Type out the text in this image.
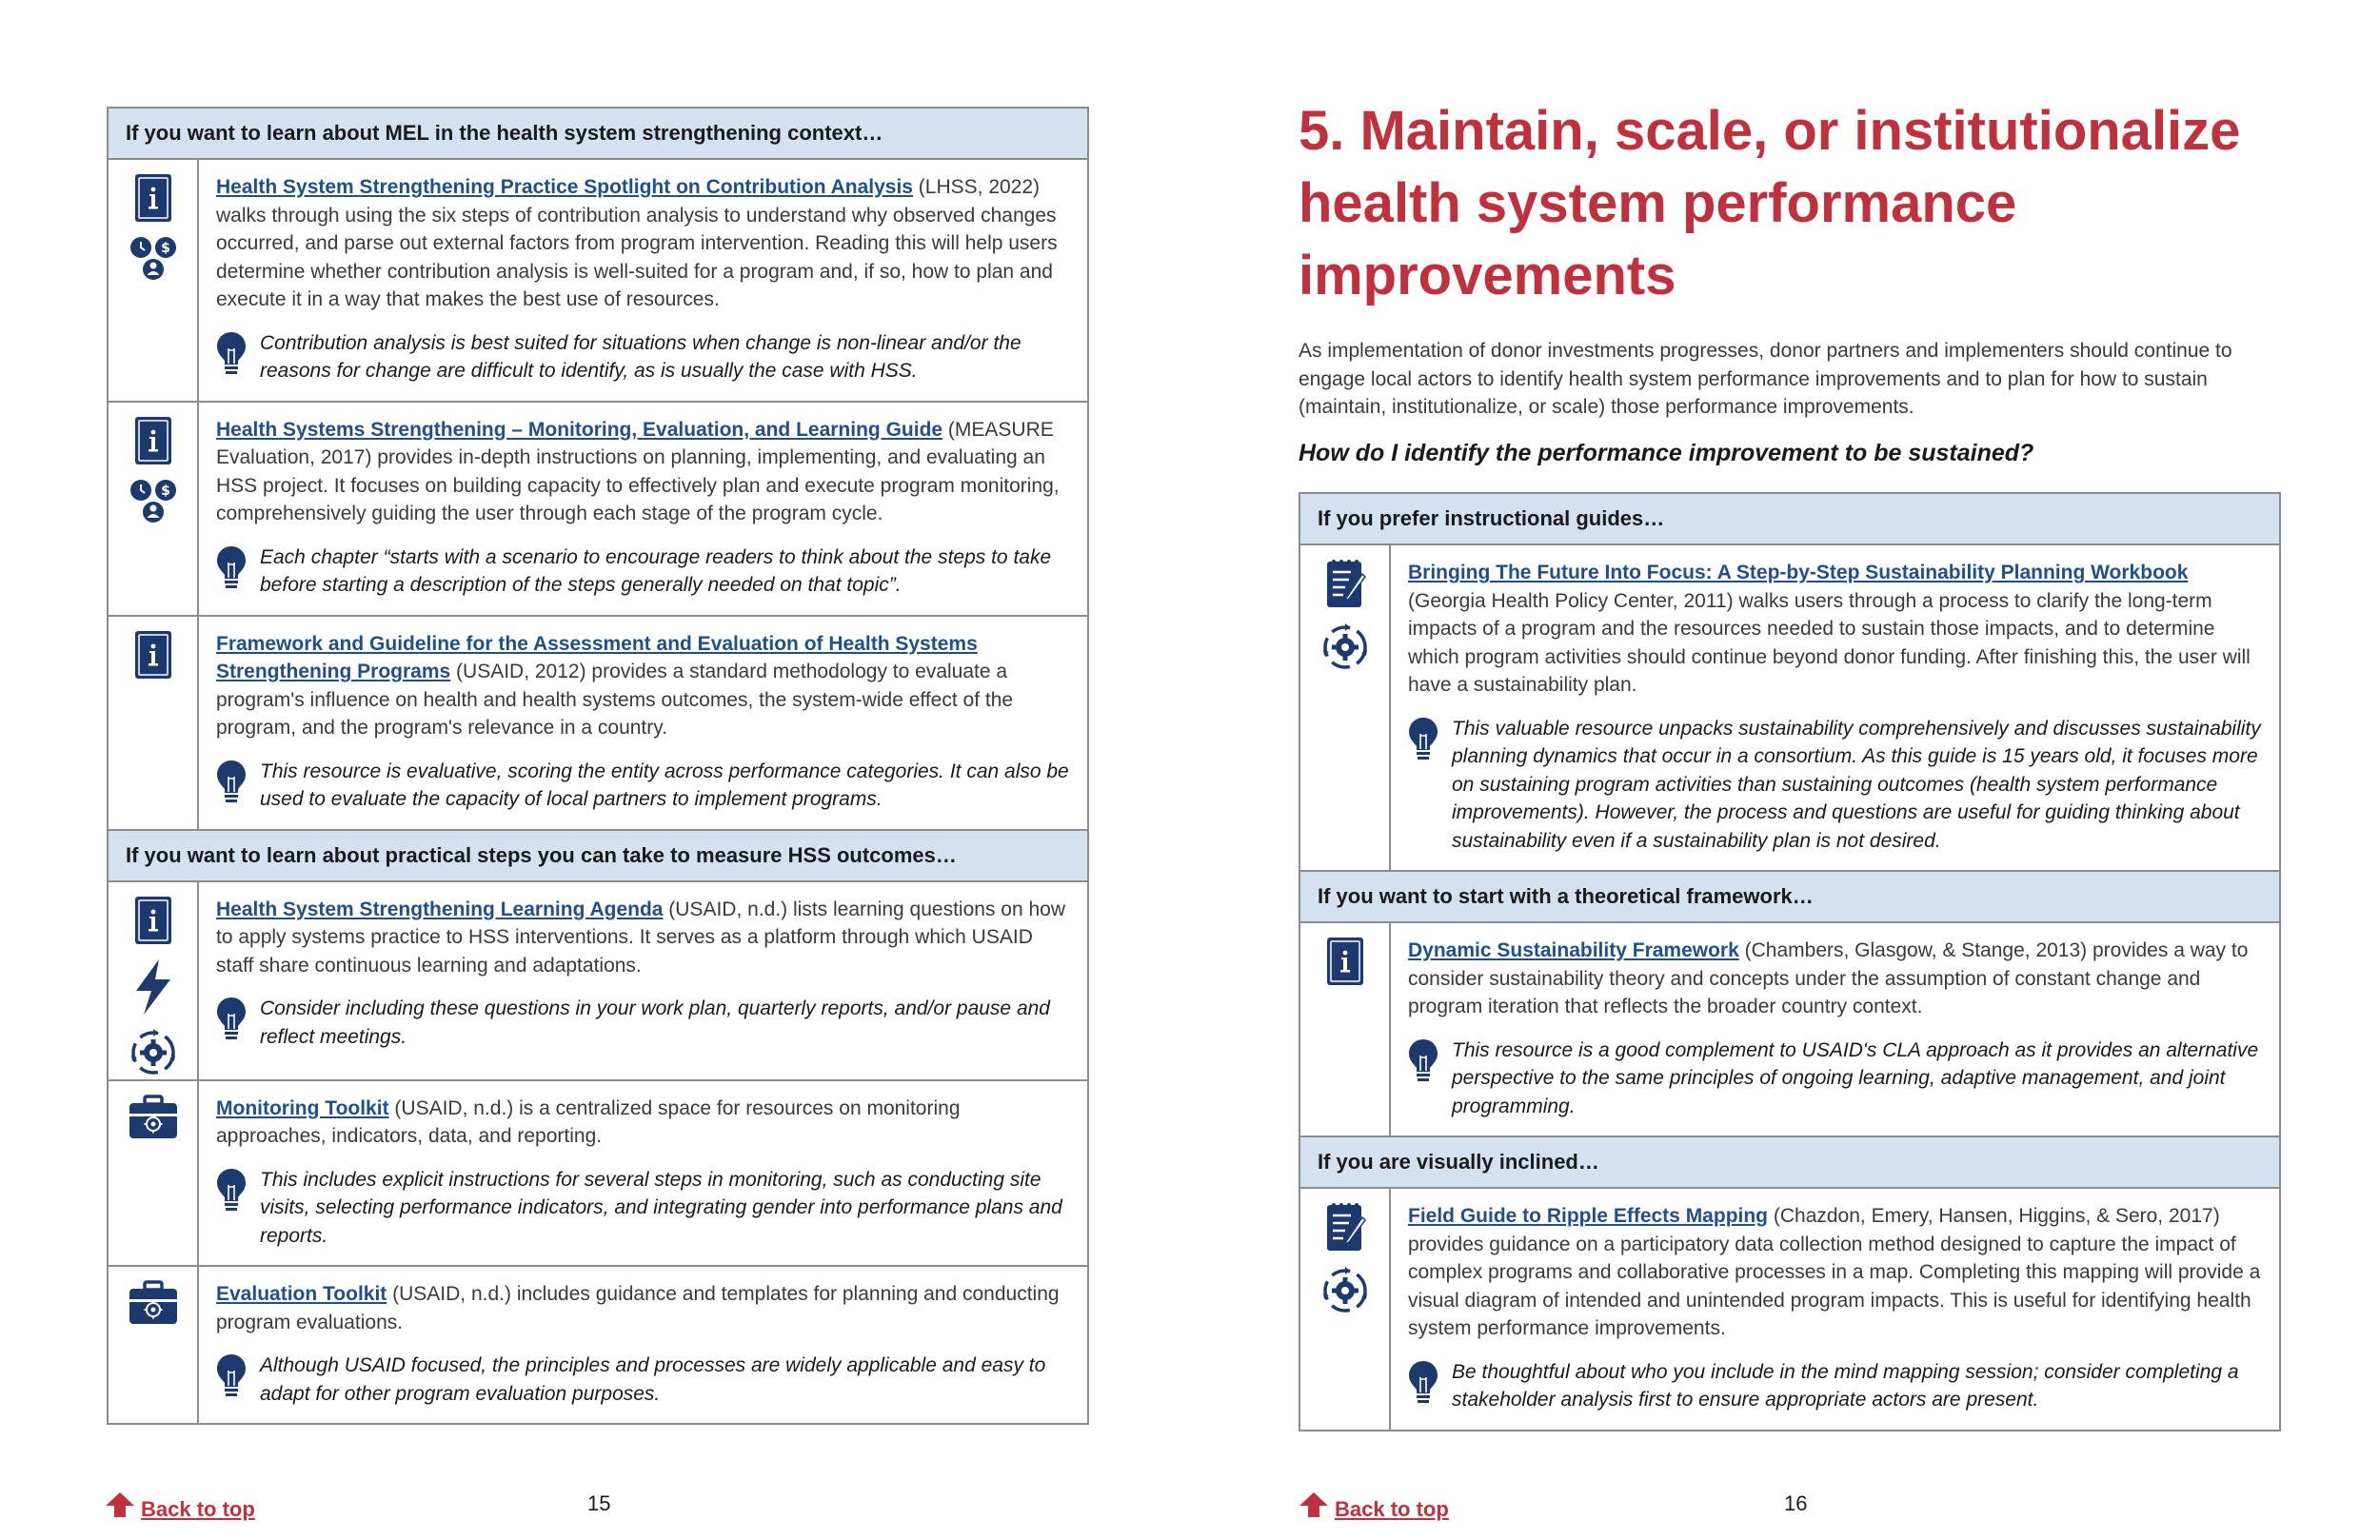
If you want to learn about MEL in the health system strengthening context…	

Health System Strengthening Practice Spotlight on Contribution Analysis (LHSS, 2022) walks through using the six steps of contribution analysis to understand why observed changes occurred, and parse out external factors from program intervention. Reading this will help users determine whether contribution analysis is well-suited for a program and, if so, how to plan and execute it in a way that makes the best use of resources.
Contribution analysis is best suited for situations when change is non-linear and/or the reasons for change are difficult to identify, as is usually the case with HSS.

Health Systems Strengthening – Monitoring, Evaluation, and Learning Guide (MEASURE Evaluation, 2017) provides in-depth instructions on planning, implementing, and evaluating an HSS project. It focuses on building capacity to effectively plan and execute program monitoring, comprehensively guiding the user through each stage of the program cycle.
Each chapter “starts with a scenario to encourage readers to think about the steps to take before starting a description of the steps generally needed on that topic”.

Framework and Guideline for the Assessment and Evaluation of Health Systems Strengthening Programs (USAID, 2012) provides a standard methodology to evaluate a program's influence on health and health systems outcomes, the system-wide effect of the program, and the program's relevance in a country.
This resource is evaluative, scoring the entity across performance categories. It can also be used to evaluate the capacity of local partners to implement programs.

If you want to learn about practical steps you can take to measure HSS outcomes…	

Health System Strengthening Learning Agenda (USAID, n.d.) lists learning questions on how to apply systems practice to HSS interventions. It serves as a platform through which USAID staff share continuous learning and adaptations.
Consider including these questions in your work plan, quarterly reports, and/or pause and reflect meetings.

Monitoring Toolkit (USAID, n.d.) is a centralized space for resources on monitoring approaches, indicators, data, and reporting.
This includes explicit instructions for several steps in monitoring, such as conducting site visits, selecting performance indicators, and integrating gender into performance plans and reports.

Evaluation Toolkit (USAID, n.d.) includes guidance and templates for planning and conducting program evaluations.
Although USAID focused, the principles and processes are widely applicable and easy to adapt for other program evaluation purposes.
Back to top	15
5. Maintain, scale, or institutionalize health system performance improvements

As implementation of donor investments progresses, donor partners and implementers should continue to engage local actors to identify health system performance improvements and to plan for how to sustain (maintain, institutionalize, or scale) those performance improvements.

How do I identify the performance improvement to be sustained?

If you prefer instructional guides…	

Bringing The Future Into Focus: A Step-by-Step Sustainability Planning Workbook (Georgia Health Policy Center, 2011) walks users through a process to clarify the long-term impacts of a program and the resources needed to sustain those impacts, and to determine which program activities should continue beyond donor funding. After finishing this, the user will have a sustainability plan.
This valuable resource unpacks sustainability comprehensively and discusses sustainability planning dynamics that occur in a consortium. As this guide is 15 years old, it focuses more on sustaining program activities than sustaining outcomes (health system performance improvements). However, the process and questions are useful for guiding thinking about sustainability even if a sustainability plan is not desired.

If you want to start with a theoretical framework…	

Dynamic Sustainability Framework (Chambers, Glasgow, & Stange, 2013) provides a way to consider sustainability theory and concepts under the assumption of constant change and program iteration that reflects the broader country context.
This resource is a good complement to USAID's CLA approach as it provides an alternative perspective to the same principles of ongoing learning, adaptive management, and joint programming.

If you are visually inclined…	

Field Guide to Ripple Effects Mapping (Chazdon, Emery, Hansen, Higgins, & Sero, 2017) provides guidance on a participatory data collection method designed to capture the impact of complex programs and collaborative processes in a map. Completing this mapping will provide a visual diagram of intended and unintended program impacts. This is useful for identifying health system performance improvements.
Be thoughtful about who you include in the mind mapping session; consider completing a stakeholder analysis first to ensure appropriate actors are present.
Back to top	16
